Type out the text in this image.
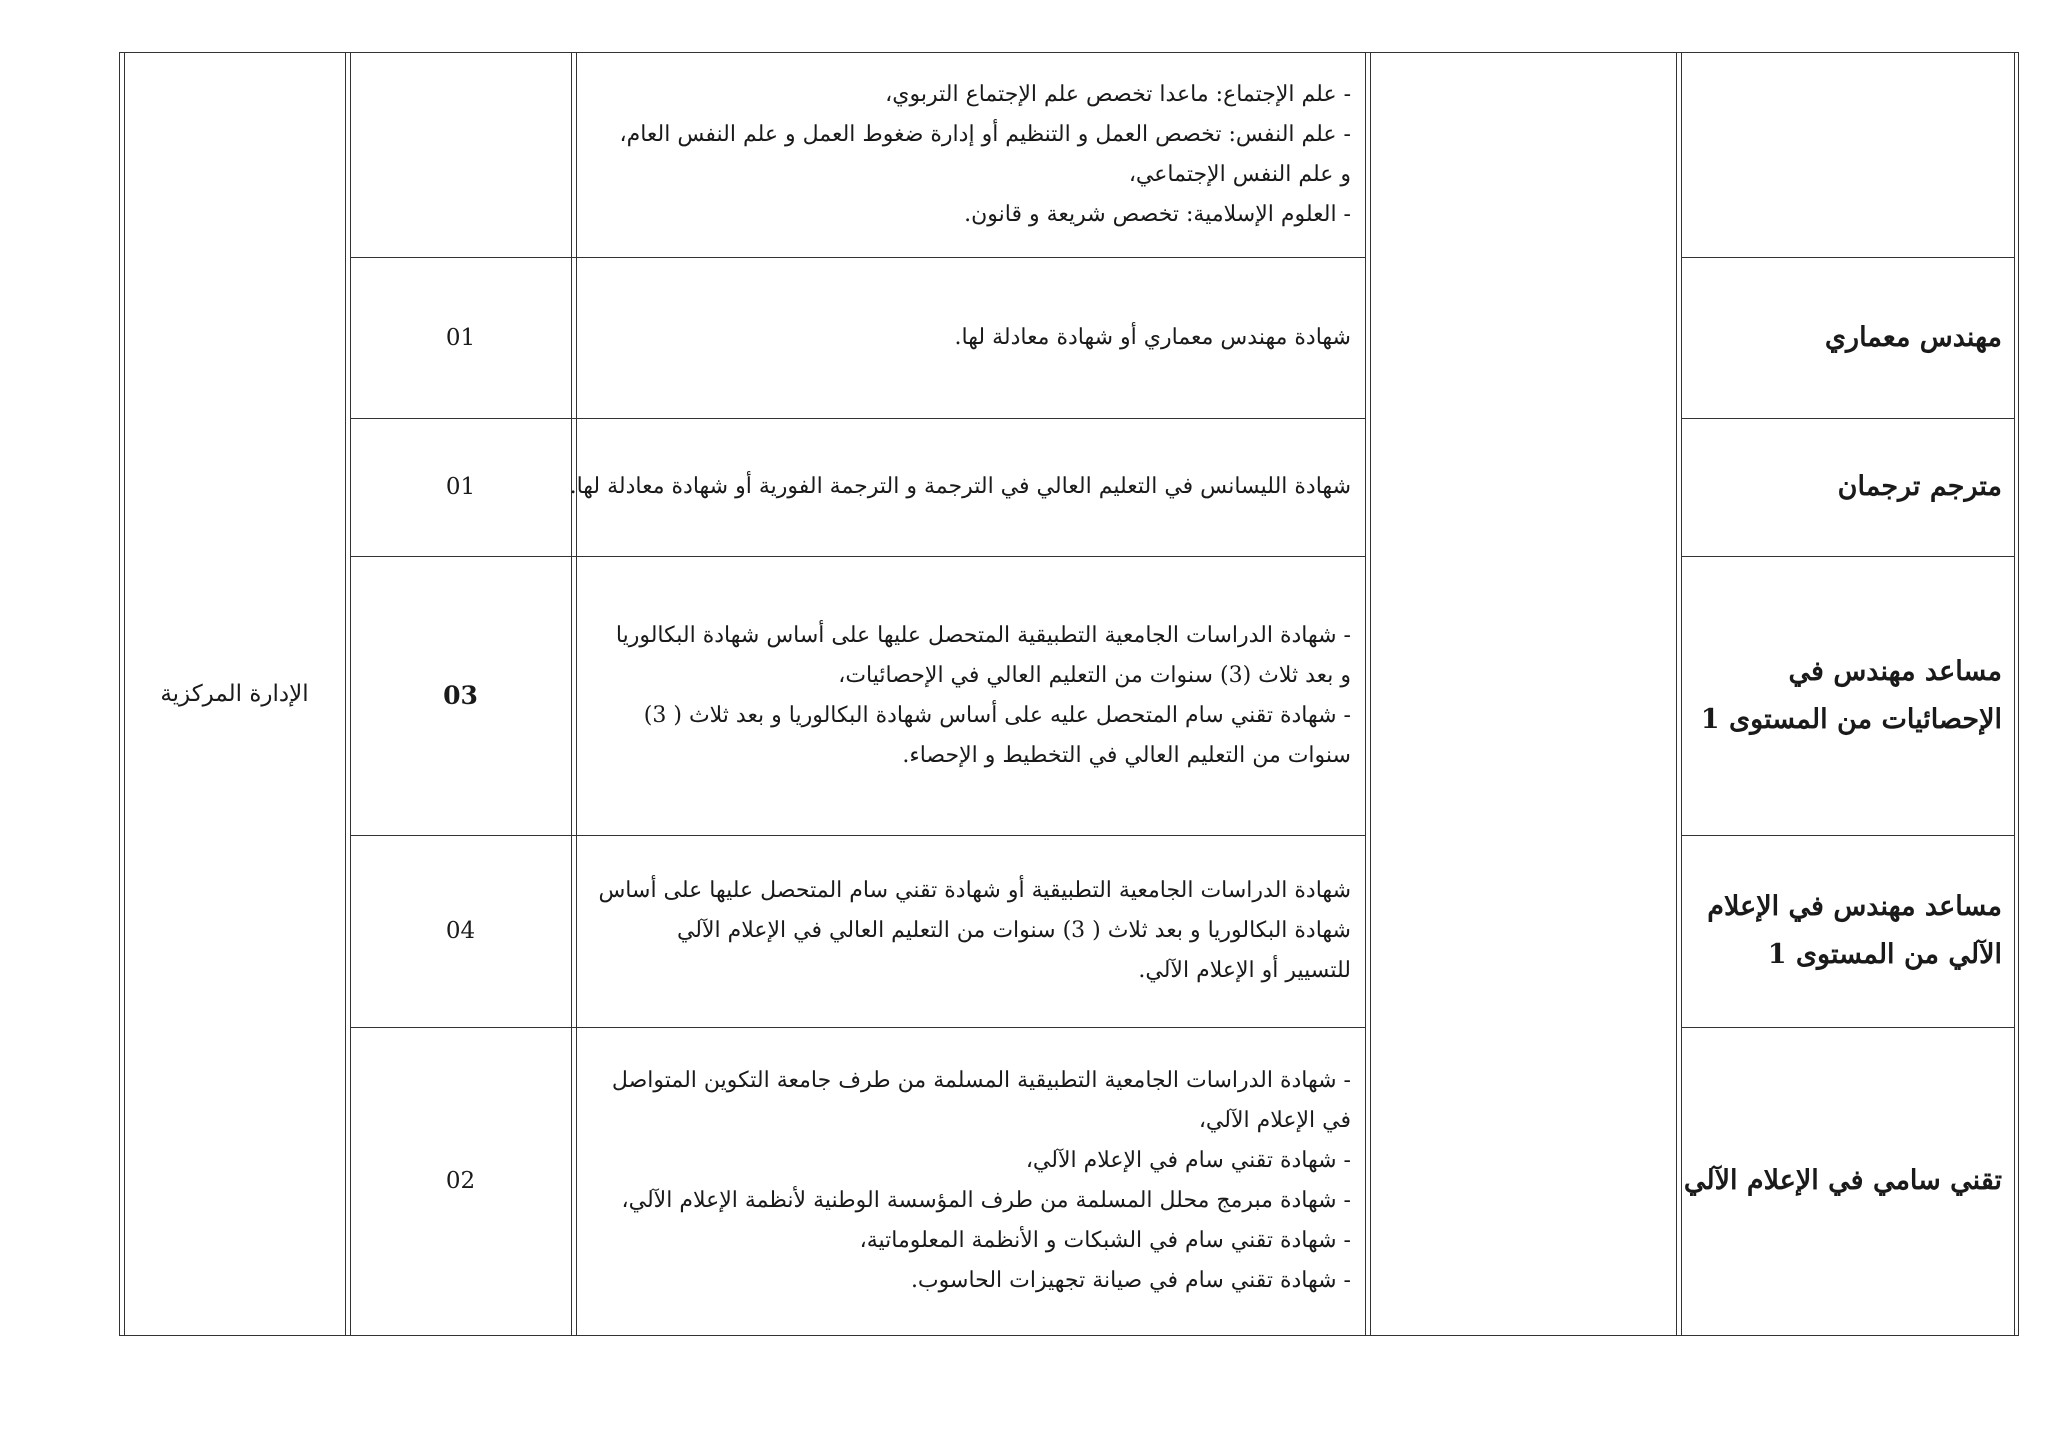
الإدارة المركزية
- علم الإجتماع: ماعدا تخصص علم الإجتماع التربوي،
- علم النفس: تخصص العمل و التنظيم أو إدارة ضغوط العمل و علم النفس العام،
و علم النفس الإجتماعي،
- العلوم الإسلامية: تخصص شريعة و قانون.
مهندس معماري
شهادة مهندس معماري أو شهادة معادلة لها.
01
مترجم ترجمان
شهادة الليسانس في التعليم العالي في الترجمة و الترجمة الفورية أو شهادة معادلة لها.
01
مساعد مهندس في
الإحصائيات من المستوى 1
- شهادة الدراسات الجامعية التطبيقية المتحصل عليها على أساس شهادة البكالوريا
و بعد ثلاث (3) سنوات من التعليم العالي في الإحصائيات،
- شهادة تقني سام المتحصل عليه على أساس شهادة البكالوريا و بعد ثلاث ( 3)
سنوات من التعليم العالي في التخطيط و الإحصاء.
03
مساعد مهندس في الإعلام
الآلي من المستوى 1
شهادة الدراسات الجامعية التطبيقية أو شهادة تقني سام المتحصل عليها على أساس
شهادة البكالوريا و بعد ثلاث ( 3) سنوات من التعليم العالي في الإعلام الآلي
للتسيير أو الإعلام الآلي.
04
تقني سامي في الإعلام الآلي
- شهادة الدراسات الجامعية التطبيقية المسلمة من طرف جامعة التكوين المتواصل
في الإعلام الآلي،
- شهادة تقني سام في الإعلام الآلي،
- شهادة مبرمج محلل المسلمة من طرف المؤسسة الوطنية لأنظمة الإعلام الآلي،
- شهادة تقني سام في الشبكات و الأنظمة المعلوماتية،
- شهادة تقني سام في صيانة تجهيزات الحاسوب.
02
